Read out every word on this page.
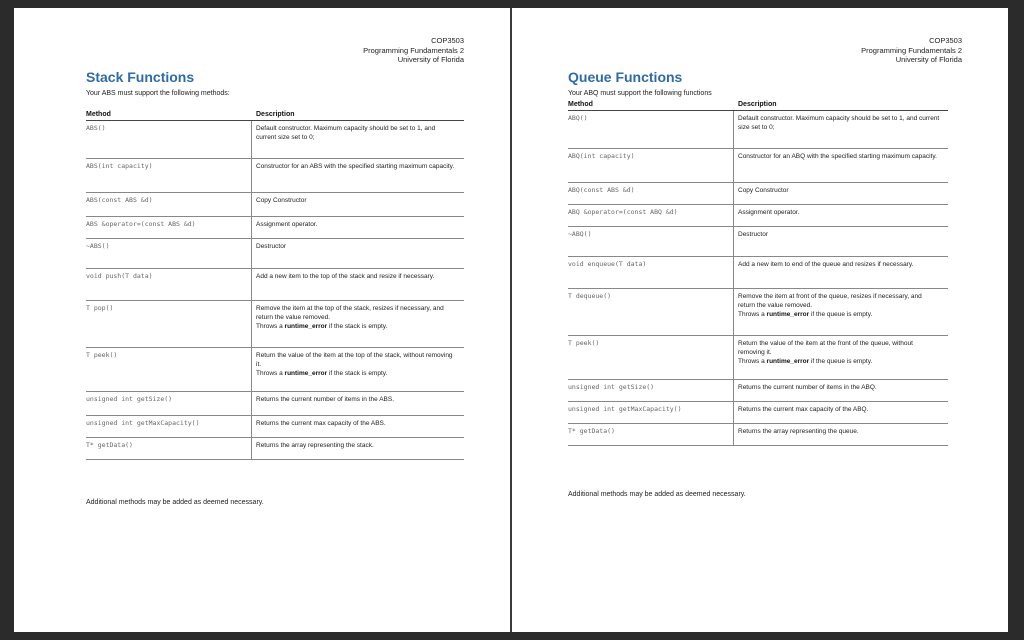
COP3503
Programming Fundamentals 2
University of Florida
Stack Functions
Your ABS must support the following methods:
Method	Description
ABS()	Default constructor. Maximum capacity should be set to 1, and current size set to 0;
ABS(int capacity)	Constructor for an ABS with the specified starting maximum capacity.
ABS(const ABS &d)	Copy Constructor
ABS &operator=(const ABS &d)	Assignment operator.
~ABS()	Destructor
void push(T data)	Add a new item to the top of the stack and resize if necessary.
T pop()	Remove the item at the top of the stack, resizes if necessary, and return the value removed.
Throws a runtime_error if the stack is empty.
T peek()	Return the value of the item at the top of the stack, without removing it.
Throws a runtime_error if the stack is empty.
unsigned int getSize()	Returns the current number of items in the ABS.
unsigned int getMaxCapacity()	Returns the current max capacity of the ABS.
T* getData()	Returns the array representing the stack.
Additional methods may be added as deemed necessary.
COP3503
Programming Fundamentals 2
University of Florida
Queue Functions
Your ABQ must support the following functions
Method	Description
ABQ()	Default constructor. Maximum capacity should be set to 1, and current size set to 0;
ABQ(int capacity)	Constructor for an ABQ with the specified starting maximum capacity.
ABQ(const ABS &d)	Copy Constructor
ABQ &operator=(const ABQ &d)	Assignment operator.
~ABQ()	Destructor
void enqueue(T data)	Add a new item to end of the queue and resizes if necessary.
T dequeue()	Remove the item at front of the queue, resizes if necessary, and return the value removed.
Throws a runtime_error if the queue is empty.
T peek()	Return the value of the item at the front of the queue, without removing it.
Throws a runtime_error if the queue is empty.
unsigned int getSize()	Returns the current number of items in the ABQ.
unsigned int getMaxCapacity()	Returns the current max capacity of the ABQ.
T* getData()	Returns the array representing the queue.
Additional methods may be added as deemed necessary.
